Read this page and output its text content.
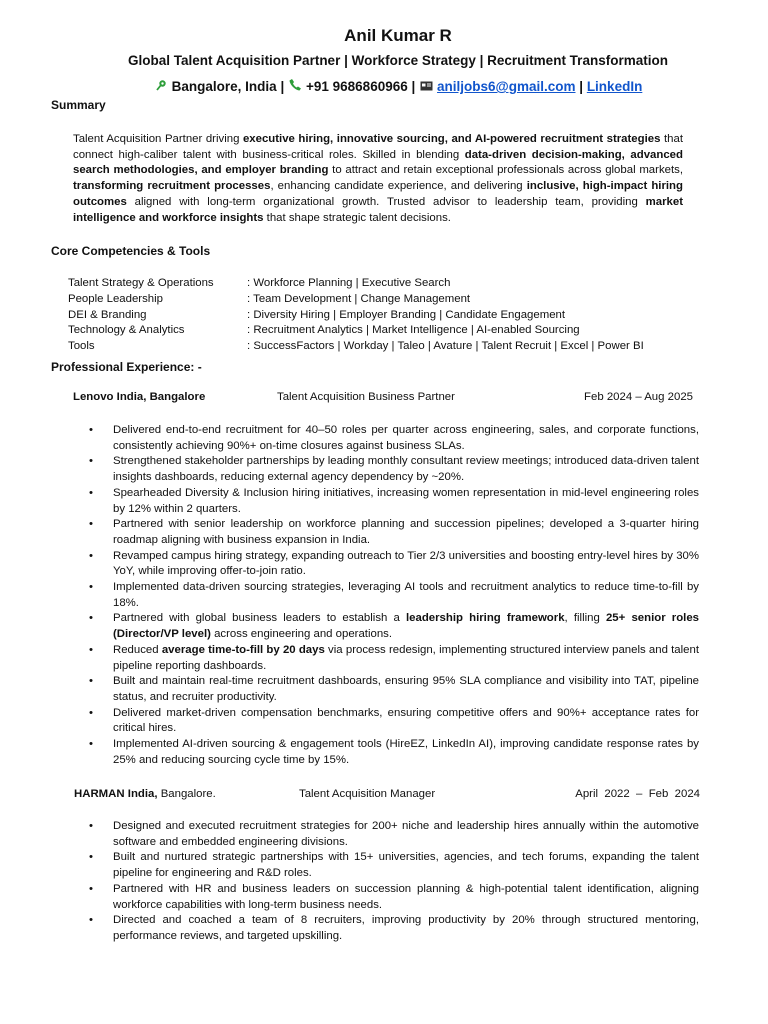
Anil Kumar R
Global Talent Acquisition Partner | Workforce Strategy | Recruitment Transformation
Bangalore, India | +91 9686860966 | aniljobs6@gmail.com | LinkedIn
Summary
Talent Acquisition Partner driving executive hiring, innovative sourcing, and AI-powered recruitment strategies that connect high-caliber talent with business-critical roles. Skilled in blending data-driven decision-making, advanced search methodologies, and employer branding to attract and retain exceptional professionals across global markets, transforming recruitment processes, enhancing candidate experience, and delivering inclusive, high-impact hiring outcomes aligned with long-term organizational growth. Trusted advisor to leadership team, providing market intelligence and workforce insights that shape strategic talent decisions.
Core Competencies & Tools
Talent Strategy & Operations	: Workforce Planning | Executive Search
People Leadership	: Team Development | Change Management
DEI & Branding	: Diversity Hiring | Employer Branding | Candidate Engagement
Technology & Analytics	: Recruitment Analytics | Market Intelligence | AI-enabled Sourcing
Tools	: SuccessFactors | Workday | Taleo | Avature | Talent Recruit | Excel | Power BI
Professional Experience: -
Lenovo India, Bangalore	Talent Acquisition Business Partner	Feb 2024 – Aug 2025
• Delivered end-to-end recruitment for 40–50 roles per quarter across engineering, sales, and corporate functions, consistently achieving 90%+ on-time closures against business SLAs.
• Strengthened stakeholder partnerships by leading monthly consultant review meetings; introduced data-driven talent insights dashboards, reducing external agency dependency by ~20%.
• Spearheaded Diversity & Inclusion hiring initiatives, increasing women representation in mid-level engineering roles by 12% within 2 quarters.
• Partnered with senior leadership on workforce planning and succession pipelines; developed a 3-quarter hiring roadmap aligning with business expansion in India.
• Revamped campus hiring strategy, expanding outreach to Tier 2/3 universities and boosting entry-level hires by 30% YoY, while improving offer-to-join ratio.
• Implemented data-driven sourcing strategies, leveraging AI tools and recruitment analytics to reduce time-to-fill by 18%.
• Partnered with global business leaders to establish a leadership hiring framework, filling 25+ senior roles (Director/VP level) across engineering and operations.
• Reduced average time-to-fill by 20 days via process redesign, implementing structured interview panels and talent pipeline reporting dashboards.
• Built and maintain real-time recruitment dashboards, ensuring 95% SLA compliance and visibility into TAT, pipeline status, and recruiter productivity.
• Delivered market-driven compensation benchmarks, ensuring competitive offers and 90%+ acceptance rates for critical hires.
• Implemented AI-driven sourcing & engagement tools (HireEZ, LinkedIn AI), improving candidate response rates by 25% and reducing sourcing cycle time by 15%.
HARMAN India, Bangalore.	Talent Acquisition Manager	April  2022  –  Feb  2024
• Designed and executed recruitment strategies for 200+ niche and leadership hires annually within the automotive software and embedded engineering divisions.
• Built and nurtured strategic partnerships with 15+ universities, agencies, and tech forums, expanding the talent pipeline for engineering and R&D roles.
• Partnered with HR and business leaders on succession planning & high-potential talent identification, aligning workforce capabilities with long-term business needs.
• Directed and coached a team of 8 recruiters, improving productivity by 20% through structured mentoring, performance reviews, and targeted upskilling.
